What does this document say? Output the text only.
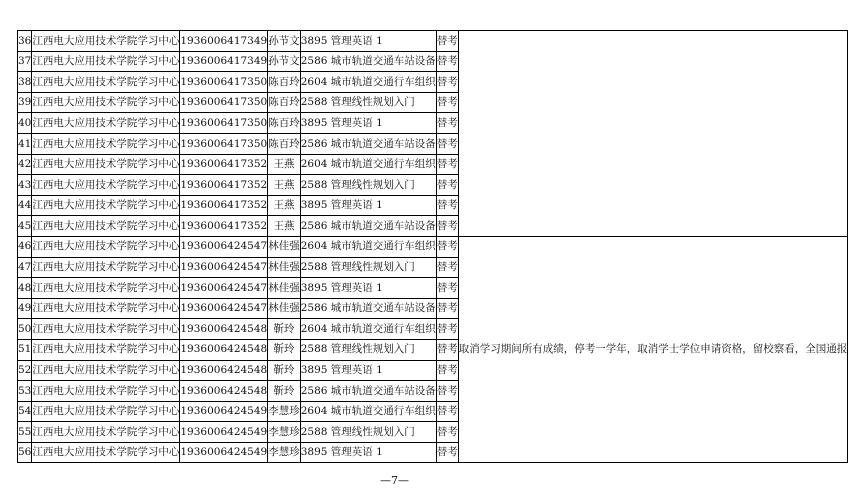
36	江西电大应用技术学院学习中心	1936006417349	孙节文	3895 管理英语 1	替考	
37	江西电大应用技术学院学习中心	1936006417349	孙节文	2586 城市轨道交通车站设备	替考	
38	江西电大应用技术学院学习中心	1936006417350	陈百玲	2604 城市轨道交通行车组织	替考	
39	江西电大应用技术学院学习中心	1936006417350	陈百玲	2588 管理线性规划入门	替考	
40	江西电大应用技术学院学习中心	1936006417350	陈百玲	3895 管理英语 1	替考	
41	江西电大应用技术学院学习中心	1936006417350	陈百玲	2586 城市轨道交通车站设备	替考	
42	江西电大应用技术学院学习中心	1936006417352	王燕	2604 城市轨道交通行车组织	替考	
43	江西电大应用技术学院学习中心	1936006417352	王燕	2588 管理线性规划入门	替考	
44	江西电大应用技术学院学习中心	1936006417352	王燕	3895 管理英语 1	替考	
45	江西电大应用技术学院学习中心	1936006417352	王燕	2586 城市轨道交通车站设备	替考	
46	江西电大应用技术学院学习中心	1936006424547	林佳强	2604 城市轨道交通行车组织	替考	取消学习期间所有成绩，停考一学年，取消学士学位申请资格，留校察看，全国通报
47	江西电大应用技术学院学习中心	1936006424547	林佳强	2588 管理线性规划入门	替考	
48	江西电大应用技术学院学习中心	1936006424547	林佳强	3895 管理英语 1	替考	
49	江西电大应用技术学院学习中心	1936006424547	林佳强	2586 城市轨道交通车站设备	替考	
50	江西电大应用技术学院学习中心	1936006424548	靳玲	2604 城市轨道交通行车组织	替考	
51	江西电大应用技术学院学习中心	1936006424548	靳玲	2588 管理线性规划入门	替考	
52	江西电大应用技术学院学习中心	1936006424548	靳玲	3895 管理英语 1	替考	
53	江西电大应用技术学院学习中心	1936006424548	靳玲	2586 城市轨道交通车站设备	替考	
54	江西电大应用技术学院学习中心	1936006424549	李慧珍	2604 城市轨道交通行车组织	替考	
55	江西电大应用技术学院学习中心	1936006424549	李慧珍	2588 管理线性规划入门	替考	
56	江西电大应用技术学院学习中心	1936006424549	李慧珍	3895 管理英语 1	替考	
—7—
